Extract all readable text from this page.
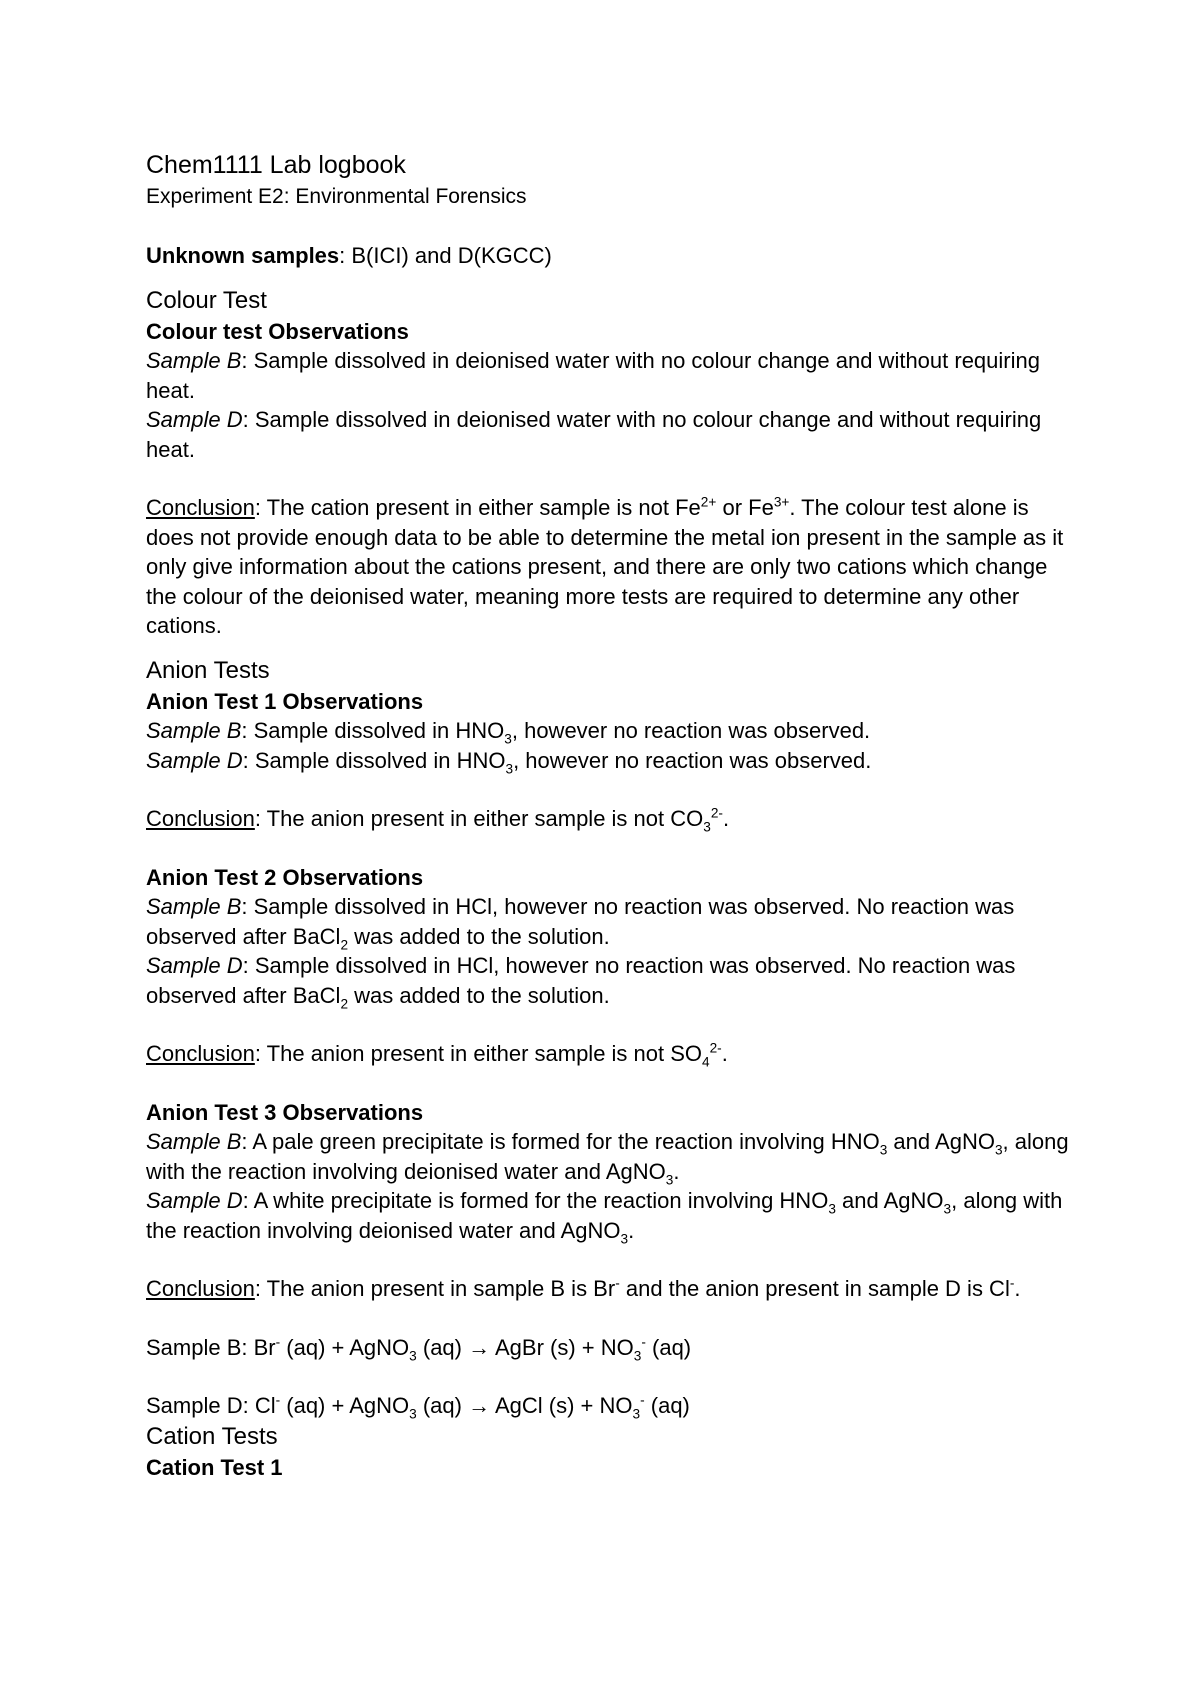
Chem1111 Lab logbook

Experiment E2: Environmental Forensics

Unknown samples: B(ICI) and D(KGCC)

Colour Test

Colour test Observations

Sample B: Sample dissolved in deionised water with no colour change and without requiring heat.

Sample D: Sample dissolved in deionised water with no colour change and without requiring heat.

Conclusion: The cation present in either sample is not $Fe^{2+}$ or $Fe^{3+}$. The colour test alone is does not provide enough data to be able to determine the metal ion present in the sample as it only give information about the cations present, and there are only two cations which change the colour of the deionised water, meaning more tests are required to determine any other cations.

Anion Tests

Anion Test 1 Observations

Sample B: Sample dissolved in $HNO_3$, however no reaction was observed.

Sample D: Sample dissolved in $HNO_3$, however no reaction was observed.

Conclusion: The anion present in either sample is not $CO_3^{2-}$.

Anion Test 2 Observations

Sample B: Sample dissolved in HCl, however no reaction was observed. No reaction was observed after BaCl$_2$ was added to the solution.

Sample D: Sample dissolved in HCl, however no reaction was observed. No reaction was observed after BaCl$_2$ was added to the solution.

Conclusion: The anion present in either sample is not $SO_4^{2-}$.

Anion Test 3 Observations

Sample B: A pale green precipitate is formed for the reaction involving $HNO_3$ and AgNO$_3$, along with the reaction involving deionised water and AgNO$_3$.

Sample D: A white precipitate is formed for the reaction involving $HNO_3$ and AgNO$_3$, along with the reaction involving deionised water and AgNO$_3$.

Conclusion: The anion present in sample B is Br- and the anion present in sample D is Cl-.

Sample B: Br- (aq) + AgNO$_3$ (aq) → AgBr $(s) + NO_3^-$ (aq)

Sample D: Cl- (aq) + AgNO$_3$ (aq) → AgCl $(s) + NO_3^-$ (aq)

Cation Tests

Cation Test 1
